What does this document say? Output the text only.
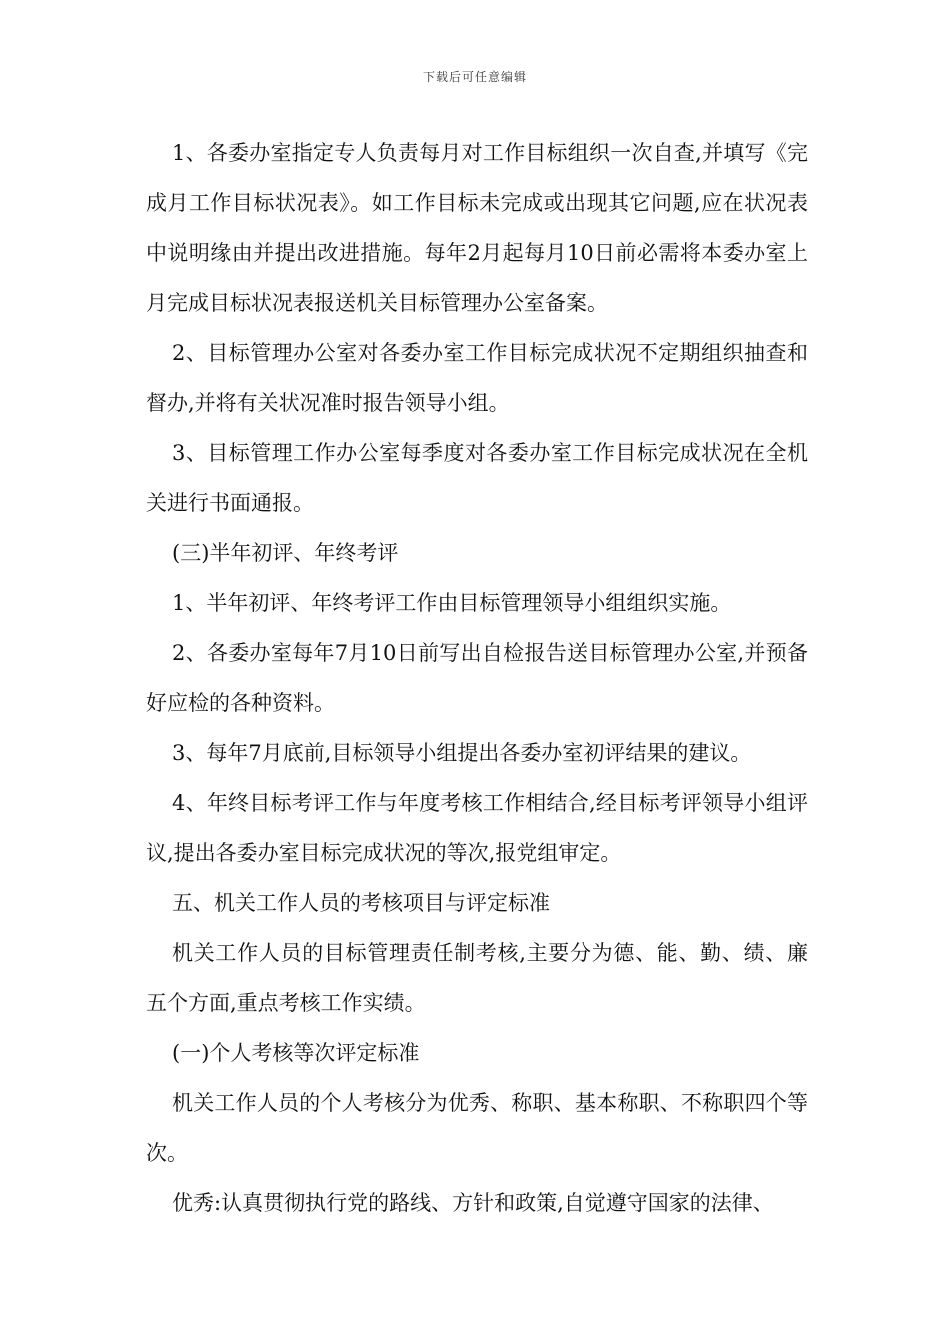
下载后可任意编辑

1、各委办室指定专人负责每月对工作目标组织一次自查,并填写《完成月工作目标状况表》。如工作目标未完成或出现其它问题,应在状况表中说明缘由并提出改进措施。每年2月起每月10日前必需将本委办室上月完成目标状况表报送机关目标管理办公室备案。

2、目标管理办公室对各委办室工作目标完成状况不定期组织抽查和督办,并将有关状况准时报告领导小组。

3、目标管理工作办公室每季度对各委办室工作目标完成状况在全机关进行书面通报。

(三)半年初评、年终考评

1、半年初评、年终考评工作由目标管理领导小组组织实施。

2、各委办室每年7月10日前写出自检报告送目标管理办公室,并预备好应检的各种资料。

3、每年7月底前,目标领导小组提出各委办室初评结果的建议。

4、年终目标考评工作与年度考核工作相结合,经目标考评领导小组评议,提出各委办室目标完成状况的等次,报党组审定。

五、机关工作人员的考核项目与评定标准

机关工作人员的目标管理责任制考核,主要分为德、能、勤、绩、廉五个方面,重点考核工作实绩。

(一)个人考核等次评定标准

机关工作人员的个人考核分为优秀、称职、基本称职、不称职四个等次。

优秀:认真贯彻执行党的路线、方针和政策,自觉遵守国家的法律、
